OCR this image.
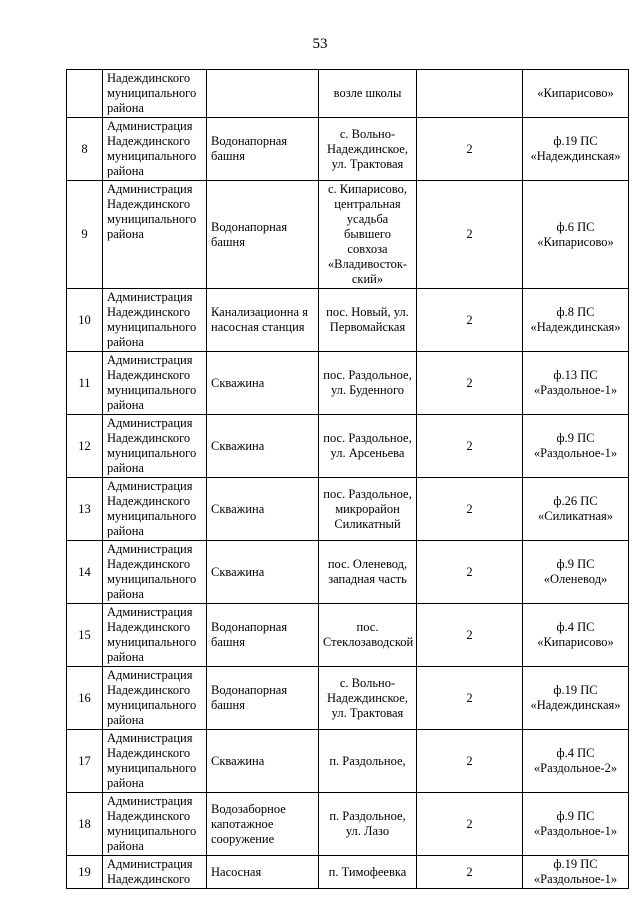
53
	Надеждинского муниципального района		возле школы		«Кипарисово»
8	Администрация Надеждинского муниципального района	Водонапорная башня	с. Вольно-Надеждинское, ул. Трактовая	2	ф.19 ПС «Надеждинская»
9	Администрация Надеждинского муниципального района	Водонапорная башня	с. Кипарисово, центральная усадьба бывшего совхоза «Владивосток-ский»	2	ф.6 ПС «Кипарисово»
10	Администрация Надеждинского муниципального района	Канализационна я насосная станция	пос. Новый, ул. Первомайская	2	ф.8 ПС «Надеждинская»
11	Администрация Надеждинского муниципального района	Скважина	пос. Раздольное, ул. Буденного	2	ф.13 ПС «Раздольное-1»
12	Администрация Надеждинского муниципального района	Скважина	пос. Раздольное, ул. Арсеньева	2	ф.9 ПС «Раздольное-1»
13	Администрация Надеждинского муниципального района	Скважина	пос. Раздольное, микрорайон Силикатный	2	ф.26 ПС «Силикатная»
14	Администрация Надеждинского муниципального района	Скважина	пос. Оленевод, западная часть	2	ф.9 ПС «Оленевод»
15	Администрация Надеждинского муниципального района	Водонапорная башня	пос. Стеклозаводской	2	ф.4 ПС «Кипарисово»
16	Администрация Надеждинского муниципального района	Водонапорная башня	с. Вольно-Надеждинское, ул. Трактовая	2	ф.19 ПС «Надеждинская»
17	Администрация Надеждинского муниципального района	Скважина	п. Раздольное,	2	ф.4 ПС «Раздольное-2»
18	Администрация Надеждинского муниципального района	Водозаборное капотажное сооружение	п. Раздольное, ул. Лазо	2	ф.9 ПС «Раздольное-1»
19	Администрация Надеждинского	Насосная	п. Тимофеевка	2	ф.19 ПС «Раздольное-1»
